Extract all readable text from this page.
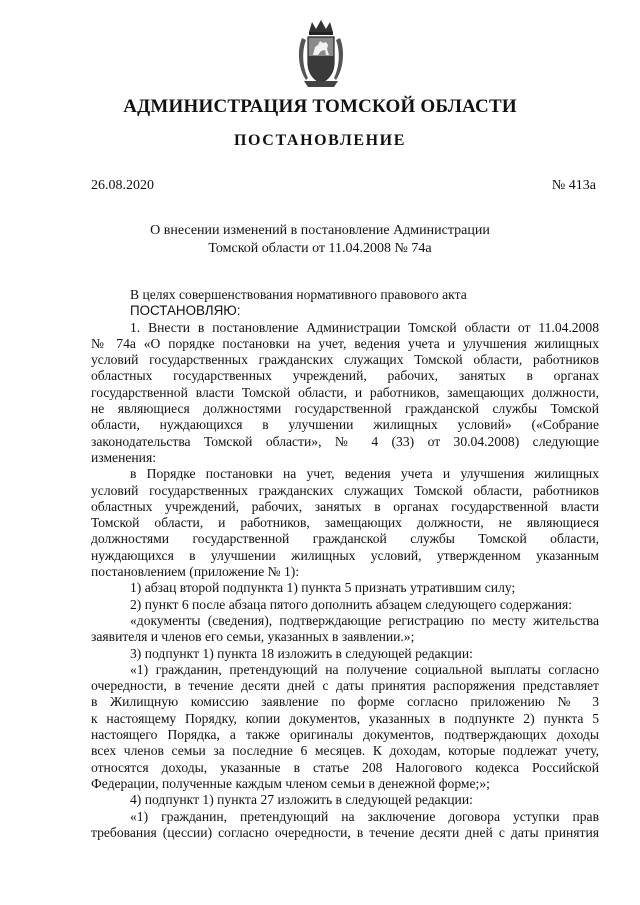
АДМИНИСТРАЦИЯ ТОМСКОЙ ОБЛАСТИ
ПОСТАНОВЛЕНИЕ
26.08.2020	№ 413а
О внесении изменений в постановление Администрации
Томской области от 11.04.2008 № 74а
В целях совершенствования нормативного правового акта
ПОСТАНОВЛЯЮ:
1. Внести в постановление Администрации Томской области от 11.04.2008
№ 74а «О порядке постановки на учет, ведения учета и улучшения жилищных
условий государственных гражданских служащих Томской области, работников
областных государственных учреждений, рабочих, занятых в органах
государственной власти Томской области, и работников, замещающих должности,
не являющиеся должностями государственной гражданской службы Томской
области, нуждающихся в улучшении жилищных условий» («Собрание
законодательства Томской области», № 4 (33) от 30.04.2008) следующие
изменения:
в Порядке постановки на учет, ведения учета и улучшения жилищных
условий государственных гражданских служащих Томской области, работников
областных учреждений, рабочих, занятых в органах государственной власти
Томской области, и работников, замещающих должности, не являющиеся
должностями государственной гражданской службы Томской области,
нуждающихся в улучшении жилищных условий, утвержденном указанным
постановлением (приложение № 1):
1) абзац второй подпункта 1) пункта 5 признать утратившим силу;
2) пункт 6 после абзаца пятого дополнить абзацем следующего содержания:
«документы (сведения), подтверждающие регистрацию по месту жительства
заявителя и членов его семьи, указанных в заявлении.»;
3) подпункт 1) пункта 18 изложить в следующей редакции:
«1) гражданин, претендующий на получение социальной выплаты согласно
очередности, в течение десяти дней с даты принятия распоряжения представляет
в Жилищную комиссию заявление по форме согласно приложению № 3
к настоящему Порядку, копии документов, указанных в подпункте 2) пункта 5
настоящего Порядка, а также оригиналы документов, подтверждающих доходы
всех членов семьи за последние 6 месяцев. К доходам, которые подлежат учету,
относятся доходы, указанные в статье 208 Налогового кодекса Российской
Федерации, полученные каждым членом семьи в денежной форме;»;
4) подпункт 1) пункта 27 изложить в следующей редакции:
«1) гражданин, претендующий на заключение договора уступки прав
требования (цессии) согласно очередности, в течение десяти дней с даты принятия
